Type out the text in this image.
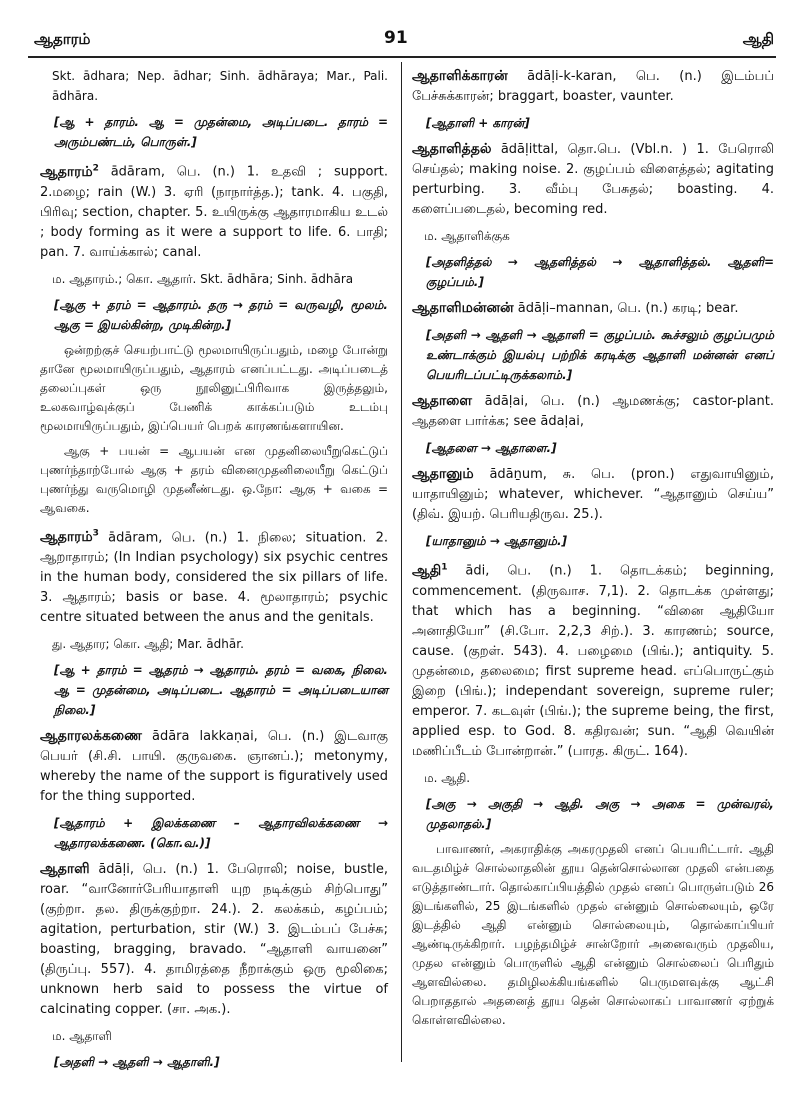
ஆதாரம்	91	ஆதி
Skt. ādhara; Nep. ādhar; Sinh. ādhāraya; Mar., Pali. ādhāra.
[ஆ + தாரம். ஆ = முதன்மை, அடிப்படை. தாரம் = அரும்பண்டம், பொருள்.]
ஆதாரம்$^2$ ādāram, பெ. (n.) 1. உதவி ; support. 2.மழை; rain (W.) 3. ஏரி (நாநார்த்த.); tank. 4. பகுதி, பிரிவு; section, chapter. 5. உயிருக்கு ஆதாரமாகிய உடல் ; body forming as it were a support to life. 6. பாதி; pan. 7. வாய்க்கால்; canal.
ம. ஆதாரம்.; கொ. ஆதார். Skt. ādhāra; Sinh. ādhāra
[ஆகு + தரம் = ஆதாரம். தரு → தரம் = வருவழி, மூலம். ஆகு = இயல்கின்ற, முடிகின்ற.]
ஒன்றற்குச் செயற்பாட்டு மூலமாயிருப்பதும், மழை போன்று தானே மூலமாயிருப்பதும், ஆதாரம் எனப்பட்டது. அடிப்படைத் தலைப்புகள் ஒரு நூலினுட்பிரிவாக இருத்தலும், உலகவாழ்வுக்குப் பேணிக் காக்கப்படும் உடம்பு மூலமாயிருப்பதும், இப்பெயர் பெறக் காரணங்களாயின.
ஆகு + பயன் = ஆபயன் என முதனிலையீறுகெட்டுப் புணர்ந்தாற்போல் ஆகு + தரம் வினைமுதனிலையீறு கெட்டுப் புணர்ந்து வருமொழி முதனீண்டது. ஒ.நோ: ஆகு + வகை = ஆவகை.
ஆதாரம்$^3$ ādāram, பெ. (n.) 1. நிலை; situation. 2. ஆறாதாரம்; (In Indian psychology) six psychic centres in the human body, considered the six pillars of life. 3. ஆதாரம்; basis or base. 4. மூலாதாரம்; psychic centre situated between the anus and the genitals.
து. ஆதார; கொ. ஆதி; Mar. ādhār.
[ஆ + தாரம் = ஆதரம் → ஆதாரம். தரம் = வகை, நிலை. ஆ = முதன்மை, அடிப்படை. ஆதாரம் = அடிப்படையான நிலை.]
ஆதாரலக்கணை ādāra lakkaṇai, பெ. (n.) இடவாகு பெயர் (சி.சி. பாயி. குருவகை. ஞானப்.); metonymy, whereby the name of the support is figuratively used for the thing supported.
[ஆதாரம் + இலக்கணை – ஆதாரவிலக்கணை → ஆதாரலக்கணை. (கொ.வ.)]
ஆதாளி ādāḷi, பெ. (n.) 1. பேரொலி; noise, bustle, roar. “வானோர்பேரியாதாளி யுற நடிக்கும் சிற்பொது” (குற்றா. தல. திருக்குற்றா. 24.). 2. கலக்கம், கழப்பம்; agitation, perturbation, stir (W.) 3. இடம்பப் பேச்சு; boasting, bragging, bravado. “ஆதாளி வாயனை” (திருப்பு. 557). 4. தாமிரத்தை நீறாக்கும் ஒரு மூலிகை; unknown herb said to possess the virtue of calcinating copper. (சா. அக.).
ம. ஆதாளி
[அதளி → ஆதளி → ஆதாளி.]
ஆதாளிக்காரன் ādāḷi-k-karan, பெ. (n.) இடம்பப் பேச்சுக்காரன்; braggart, boaster, vaunter.
[ஆதாளி + காரன்]
ஆதாளித்தல் ādāḷittal, தொ.பெ. (Vbl.n. ) 1. பேரொலி செய்தல்; making noise. 2. குழப்பம் விளைத்தல்; agitating perturbing. 3. வீம்பு பேசுதல்; boasting. 4. களைப்படைதல், becoming red.
ம. ஆதாளிக்குக
[அதளித்தல் → ஆதளித்தல் → ஆதாளித்தல். ஆதளி= குழப்பம்.]
ஆதாளிமன்னன் ādāḷi–mannan, பெ. (n.) கரடி; bear.
[அதளி → ஆதளி → ஆதாளி = குழப்பம். கூச்சலும் குழப்பமும் உண்டாக்கும் இயல்பு பற்றிக் கரடிக்கு ஆதாளி மன்னன் எனப் பெயரிடப்பட்டிருக்கலாம்.]
ஆதாளை ādāḷai, பெ. (n.) ஆமணக்கு; castor-plant. ஆதளை பார்க்க; see ādaḷai,
[ஆதளை → ஆதாளை.]
ஆதானும் ādāṉum, சு. பெ. (pron.) எதுவாயினும், யாதாயினும்; whatever, whichever. “ஆதானும் செய்ய” (திவ். இயற். பெரியதிருவ. 25.).
[யாதானும் → ஆதானும்.]
ஆதி$^1$ ādi, பெ. (n.) 1. தொடக்கம்; beginning, commencement. (திருவாச. 7,1). 2. தொடக்க முள்ளது; that which has a beginning. “வினை ஆதியோ அனாதியோ” (சி.போ. 2,2,3 சிற்.). 3. காரணம்; source, cause. (குறள். 543). 4. பழைமை (பிங்.); antiquity. 5. முதன்மை, தலைமை; first supreme head. எப்பொருட்கும் இறை (பிங்.); independant sovereign, supreme ruler; emperor. 7. கடவுள் (பிங்.); the supreme being, the first, applied esp. to God. 8. கதிரவன்; sun. “ஆதி வெயின் மணிப்பீடம் போன்றான்.” (பாரத. கிருட். 164).
ம. ஆதி.
[அகு → அகுதி → ஆதி. அகு → அகை = முன்வரல், முதலாதல்.]
பாவாணர், அகராதிக்கு அகரமுதலி எனப் பெயரிட்டார். ஆதி வடதமிழ்ச் சொல்லாதலின் தூய தென்சொல்லான முதலி என்பதை எடுத்தாண்டார். தொல்காப்பியத்தில் முதல் எனப் பொருள்படும் 26 இடங்களில், 25 இடங்களில் முதல் என்னும் சொல்லையும், ஒரே இடத்தில் ஆதி என்னும் சொல்லையும், தொல்காப்பியர் ஆண்டிருக்கிறார். பழந்தமிழ்ச் சான்றோர் அனைவரும் முதலிய, முதல என்னும் பொருளில் ஆதி என்னும் சொல்லைப் பெரிதும் ஆளவில்லை. தமிழிலக்கியங்களில் பெருமளவுக்கு ஆட்சி பெறாததால் அதனைத் தூய தென் சொல்லாகப் பாவாணர் ஏற்றுக் கொள்ளவில்லை.
